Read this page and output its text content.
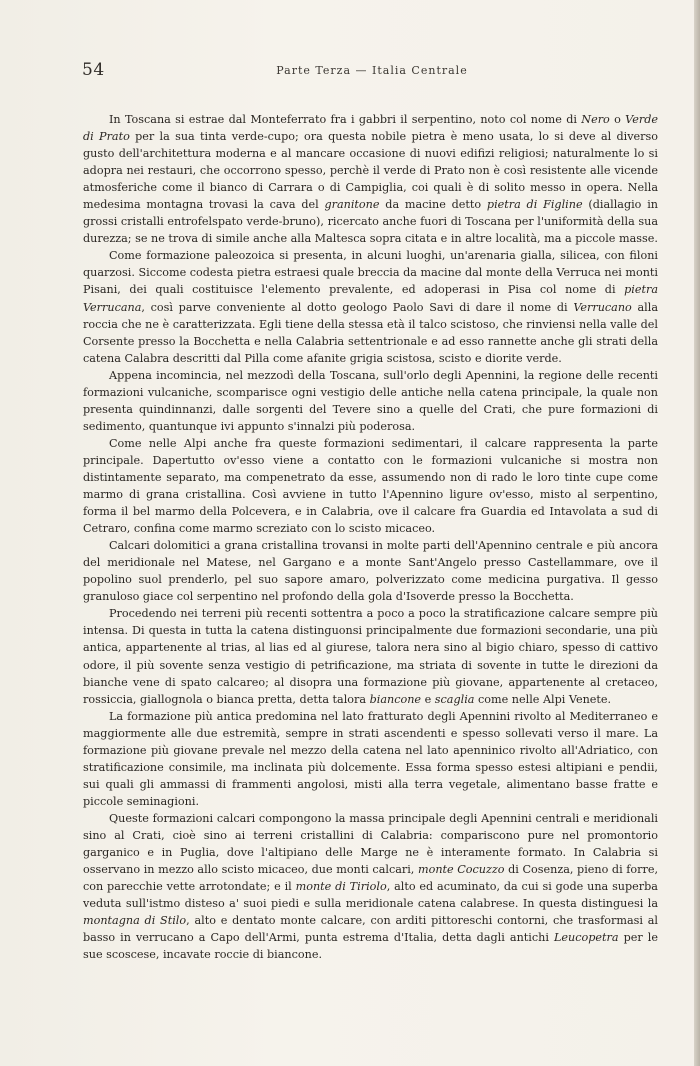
54	Parte Terza — Italia Centrale

In Toscana si estrae dal Monteferrato fra i gabbri il serpentino, noto col nome di Nero o Verde di Prato per la sua tinta verde-cupo; ora questa nobile pietra è meno usata, lo si deve al diverso gusto dell'architettura moderna e al mancare occasione di nuovi edifizi religiosi; naturalmente lo si adopra nei restauri, che occorrono spesso, perchè il verde di Prato non è così resistente alle vicende atmosferiche come il bianco di Carrara o di Campiglia, coi quali è di solito messo in opera. Nella medesima montagna trovasi la cava del granitone da macine detto pietra di Figline (diallagio in grossi cristalli entrofelspato verde-bruno), ricercato anche fuori di Toscana per l'uniformità della sua durezza; se ne trova di simile anche alla Maltesca sopra citata e in altre località, ma a piccole masse.

Come formazione paleozoica si presenta, in alcuni luoghi, un'arenaria gialla, silicea, con filoni quarzosi. Siccome codesta pietra estraesi quale breccia da macine dal monte della Verruca nei monti Pisani, dei quali costituisce l'elemento prevalente, ed adoperasi in Pisa col nome di pietra Verrucana, così parve conveniente al dotto geologo Paolo Savi di dare il nome di Verrucano alla roccia che ne è caratterizzata. Egli tiene della stessa età il talco scistoso, che rinviensi nella valle del Corsente presso la Bocchetta e nella Calabria settentrionale e ad esso rannette anche gli strati della catena Calabra descritti dal Pilla come afanite grigia scistosa, scisto e diorite verde.

Appena incomincia, nel mezzodì della Toscana, sull'orlo degli Apennini, la regione delle recenti formazioni vulcaniche, scomparisce ogni vestigio delle antiche nella catena principale, la quale non presenta quindinnanzi, dalle sorgenti del Tevere sino a quelle del Crati, che pure formazioni di sedimento, quantunque ivi appunto s'innalzi più poderosa.

Come nelle Alpi anche fra queste formazioni sedimentari, il calcare rappresenta la parte principale. Dapertutto ov'esso viene a contatto con le formazioni vulcaniche si mostra non distintamente separato, ma compenetrato da esse, assumendo non di rado le loro tinte cupe come marmo di grana cristallina. Così avviene in tutto l'Apennino ligure ov'esso, misto al serpentino, forma il bel marmo della Polcevera, e in Calabria, ove il calcare fra Guardia ed Intavolata a sud di Cetraro, confina come marmo screziato con lo scisto micaceo.

Calcari dolomitici a grana cristallina trovansi in molte parti dell'Apennino centrale e più ancora del meridionale nel Matese, nel Gargano e a monte Sant'Angelo presso Castellammare, ove il popolino suol prenderlo, pel suo sapore amaro, polverizzato come medicina purgativa. Il gesso granuloso giace col serpentino nel profondo della gola d'Isoverde presso la Bocchetta.

Procedendo nei terreni più recenti sottentra a poco a poco la stratificazione calcare sempre più intensa. Di questa in tutta la catena distinguonsi principalmente due formazioni secondarie, una più antica, appartenente al trias, al lias ed al giurese, talora nera sino al bigio chiaro, spesso di cattivo odore, il più sovente senza vestigio di petrificazione, ma striata di sovente in tutte le direzioni da bianche vene di spato calcareo; al disopra una formazione più giovane, appartenente al cretaceo, rossiccia, giallognola o bianca pretta, detta talora biancone e scaglia come nelle Alpi Venete.

La formazione più antica predomina nel lato fratturato degli Apennini rivolto al Mediterraneo e maggiormente alle due estremità, sempre in strati ascendenti e spesso sollevati verso il mare. La formazione più giovane prevale nel mezzo della catena nel lato apenninico rivolto all'Adriatico, con stratificazione consimile, ma inclinata più dolcemente. Essa forma spesso estesi altipiani e pendii, sui quali gli ammassi di frammenti angolosi, misti alla terra vegetale, alimentano basse fratte e piccole seminagioni.

Queste formazioni calcari compongono la massa principale degli Apennini centrali e meridionali sino al Crati, cioè sino ai terreni cristallini di Calabria: compariscono pure nel promontorio garganico e in Puglia, dove l'altipiano delle Marge ne è interamente formato. In Calabria si osservano in mezzo allo scisto micaceo, due monti calcari, monte Cocuzzo di Cosenza, pieno di forre, con parecchie vette arrotondate; e il monte di Tiriolo, alto ed acuminato, da cui si gode una superba veduta sull'istmo disteso a' suoi piedi e sulla meridionale catena calabrese. In questa distinguesi la montagna di Stilo, alto e dentato monte calcare, con arditi pittoreschi contorni, che trasformasi al basso in verrucano a Capo dell'Armi, punta estrema d'Italia, detta dagli antichi Leucopetra per le sue scoscese, incavate roccie di biancone.
